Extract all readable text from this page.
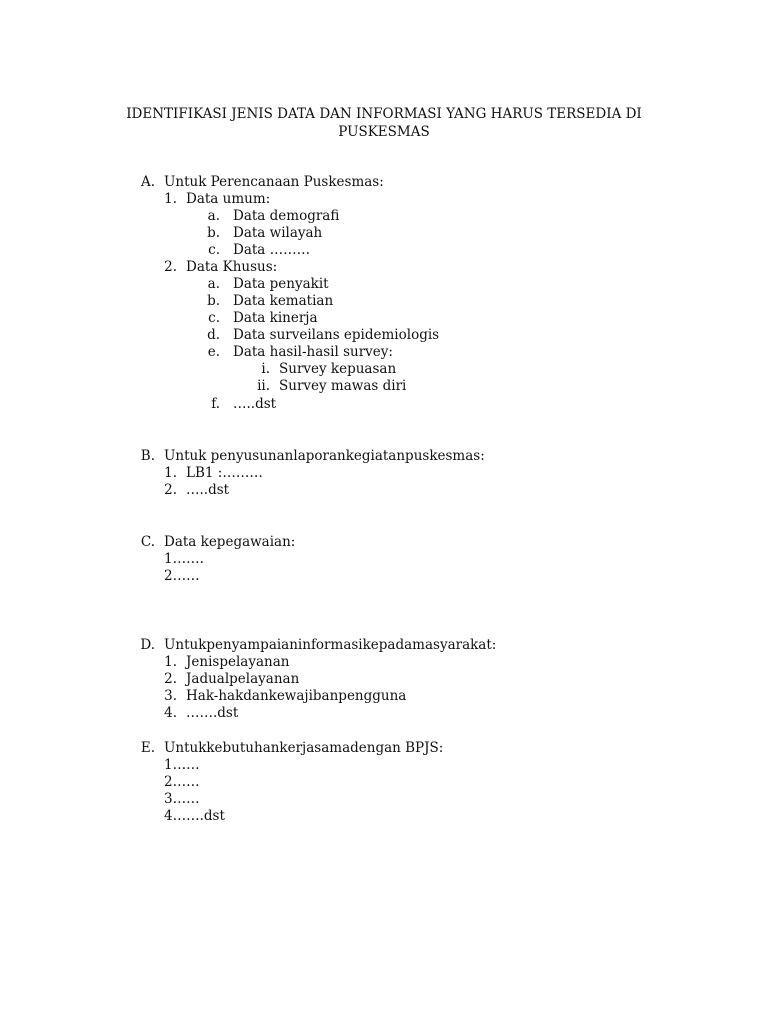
IDENTIFIKASI JENIS DATA DAN INFORMASI YANG HARUS TERSEDIA DI
PUSKESMAS
A. Untuk Perencanaan Puskesmas:
1. Data umum:
a. Data demografi
b. Data wilayah
c. Data ………
2. Data Khusus:
a. Data penyakit
b. Data kematian
c. Data kinerja
d. Data surveilans epidemiologis
e. Data hasil-hasil survey:
i. Survey kepuasan
ii. Survey mawas diri
f. …..dst
B. Untuk penyusunanlaporankegiatanpuskesmas:
1. LB1 :………
2. …..dst
C. Data kepegawaian:
1…….
2……
D. Untukpenyampaianinformasikepadamasyarakat:
1. Jenispelayanan
2. Jadualpelayanan
3. Hak-hakdankewajibanpengguna
4. …….dst
E. Untukkebutuhankerjasamadengan BPJS:
1……
2……
3……
4…….dst
